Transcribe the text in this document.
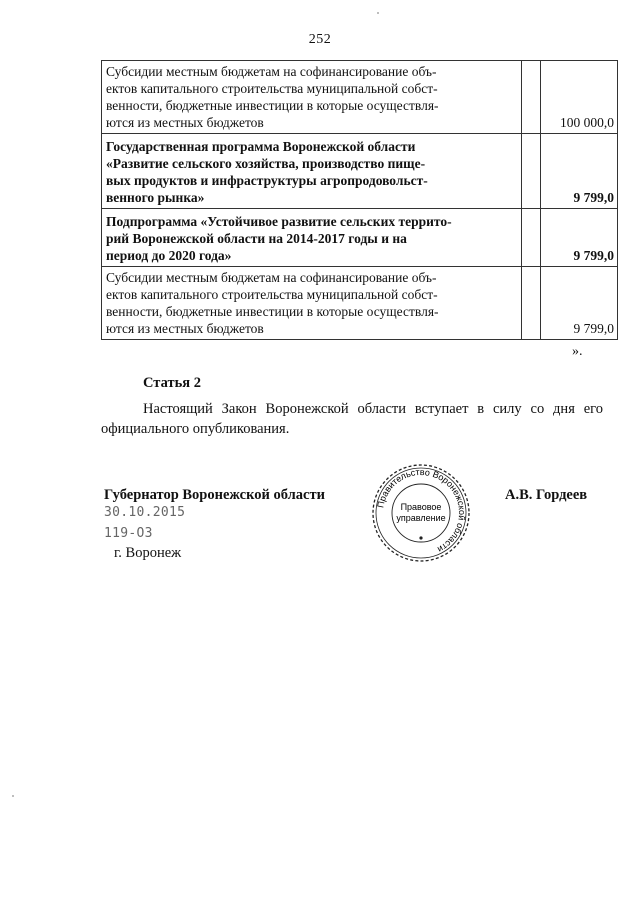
252
Субсидии местным бюджетам на софинансирование объ-
ектов капитального строительства муниципальной собст-
венности, бюджетные инвестиции в которые осуществля-
ются из местных бюджетов		100 000,0

Государственная программа Воронежской области
«Развитие сельского хозяйства, производство пище-
вых продуктов и инфраструктуры агропродовольст-
венного рынка»		9 799,0

Подпрограмма «Устойчивое развитие сельских террито-
рий Воронежской области на 2014-2017 годы и на
период до 2020 года»		9 799,0

Субсидии местным бюджетам на софинансирование объ-
ектов капитального строительства муниципальной собст-
венности, бюджетные инвестиции в которые осуществля-
ются из местных бюджетов		9 799,0
».
Статья 2

Настоящий Закон Воронежской области вступает в силу со дня его официального опубликования.

Губернатор Воронежской области	А.В. Гордеев
30.10.2015
119-ОЗ
г. Воронеж
Правительство Воронежской области
Правовое
управление
